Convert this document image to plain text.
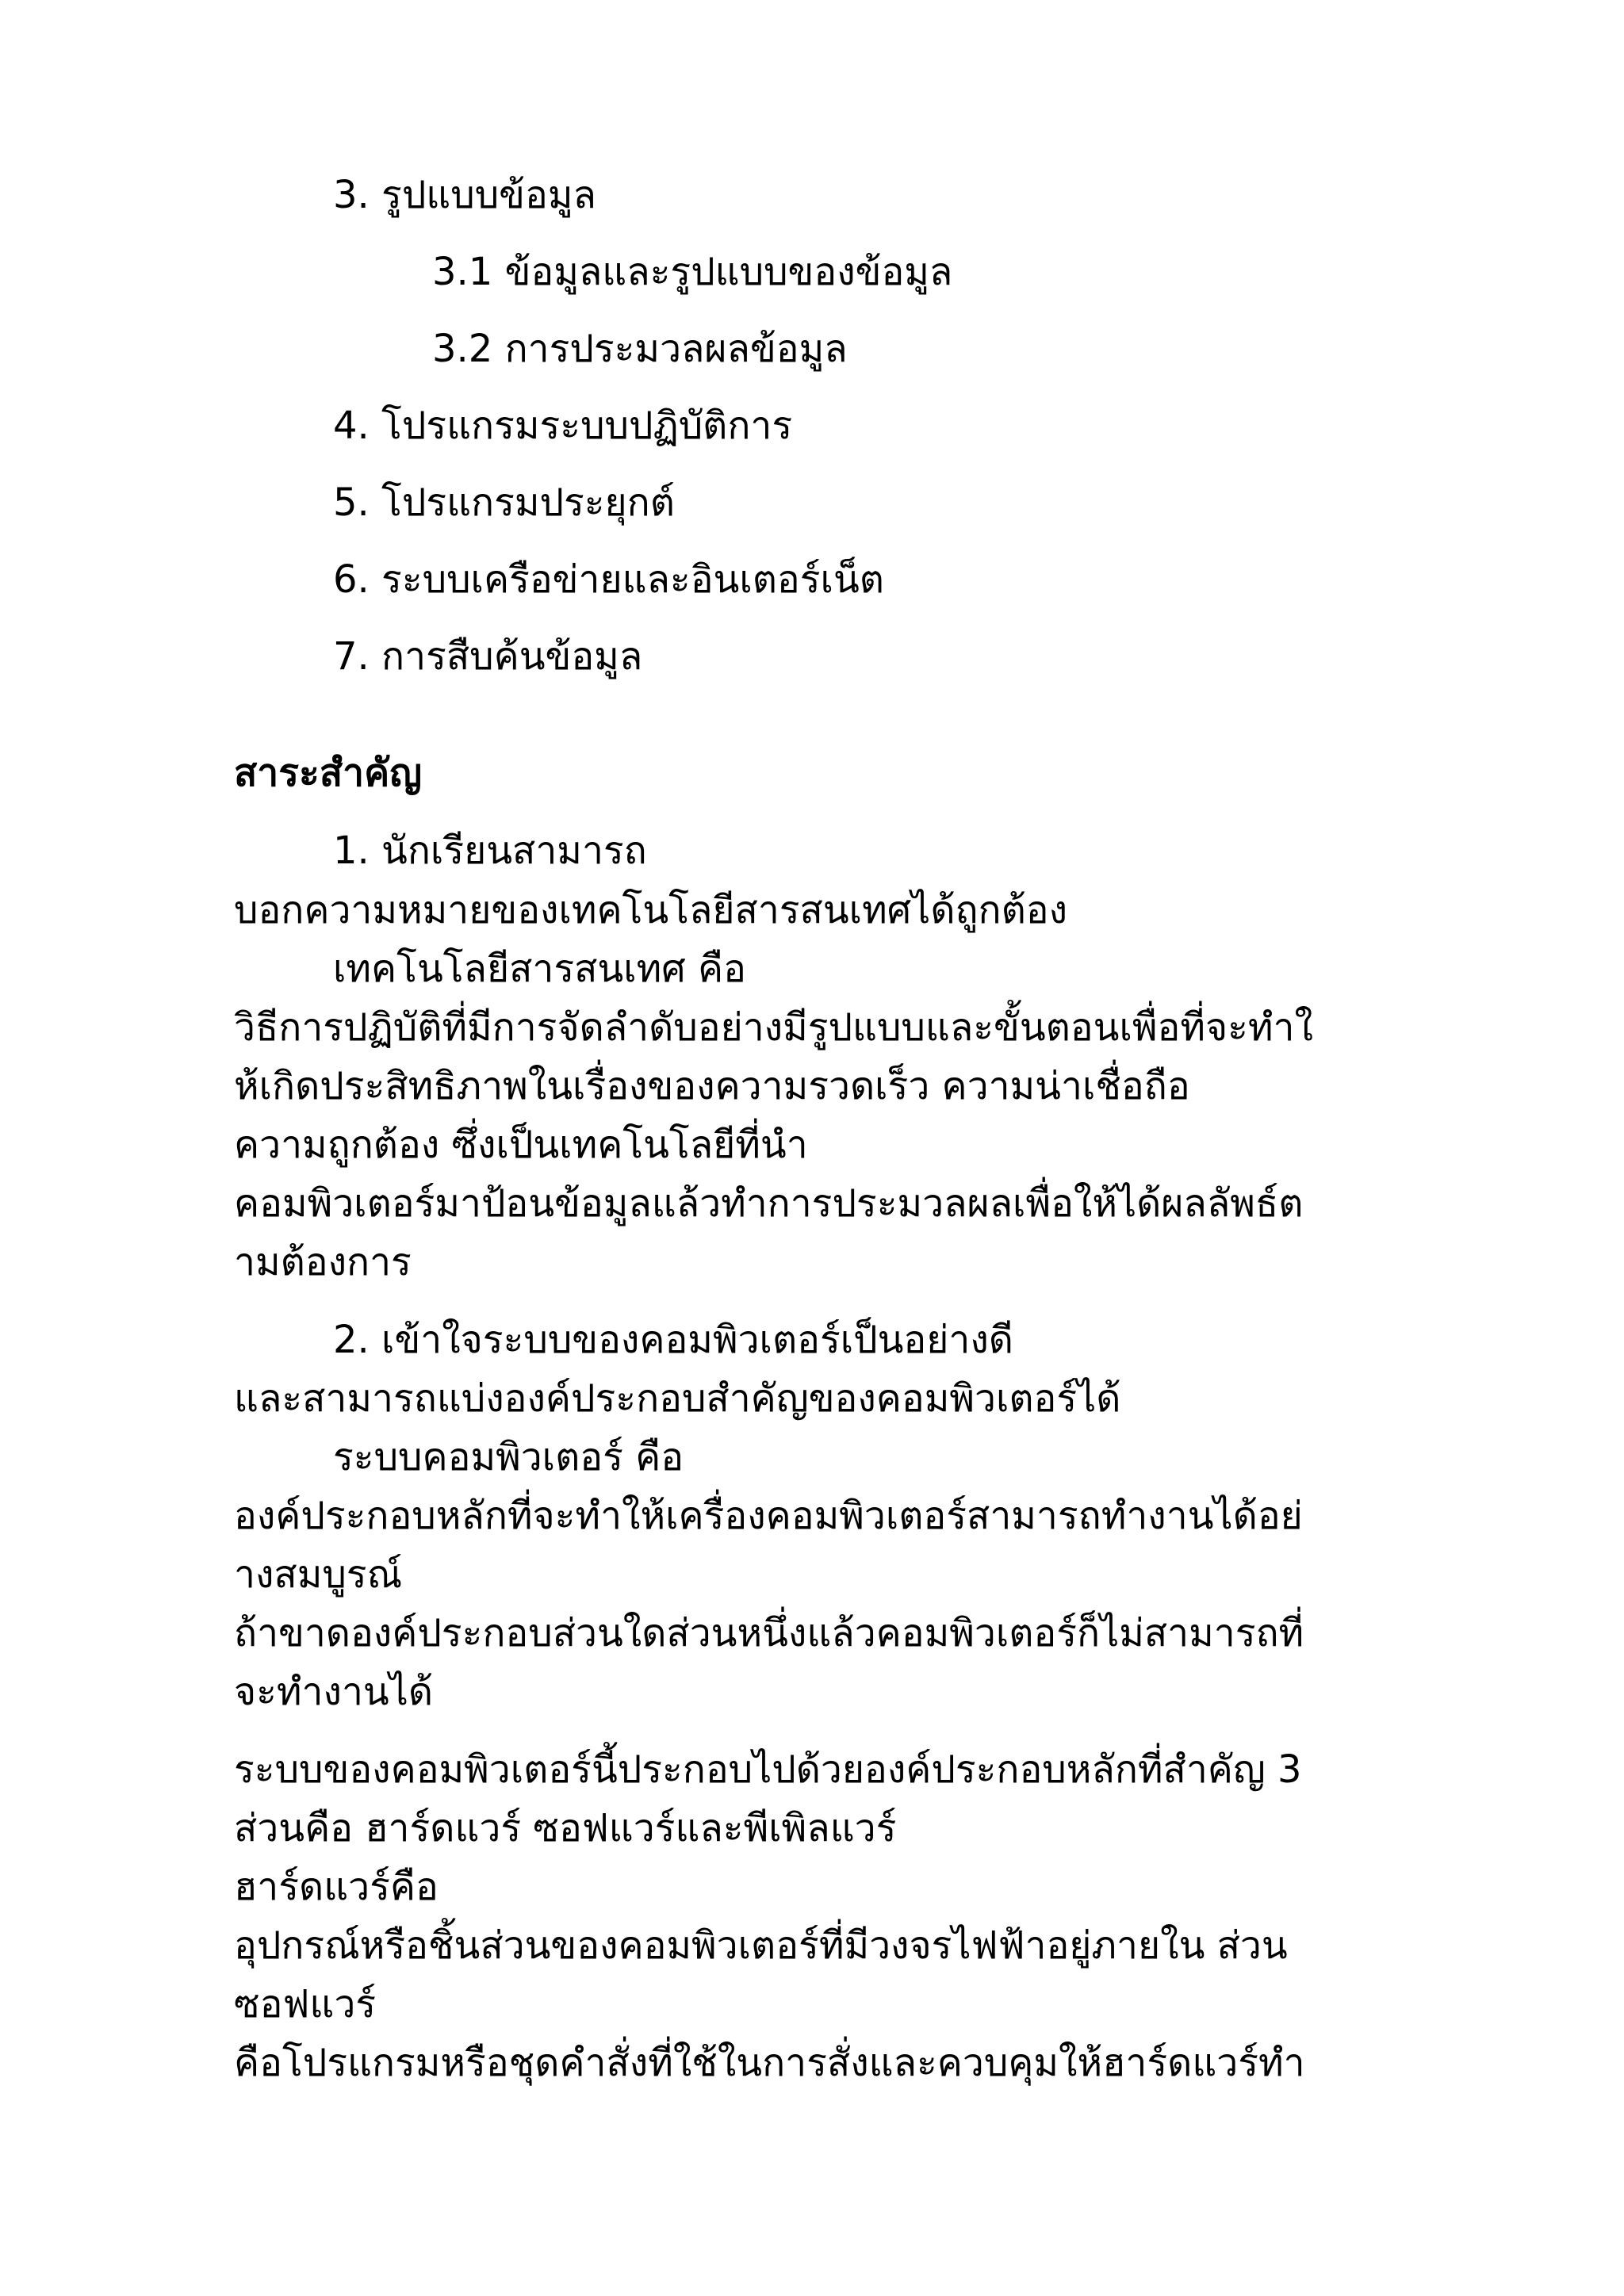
3. รูปแบบข้อมูล
3.1 ข้อมูลและรูปแบบของข้อมูล
3.2 การประมวลผลข้อมูล
4. โปรแกรมระบบปฏิบัติการ
5. โปรแกรมประยุกต์
6. ระบบเครือข่ายและอินเตอร์เน็ต
7. การสืบค้นข้อมูล
สาระสำคัญ
1. นักเรียนสามารถ
บอกความหมายของเทคโนโลยีสารสนเทศได้ถูกต้อง
เทคโนโลยีสารสนเทศ คือ
วิธีการปฏิบัติที่มีการจัดลำดับอย่างมีรูปแบบและขั้นตอนเพื่อที่จะทำใ
ห้เกิดประสิทธิภาพในเรื่องของความรวดเร็ว ความน่าเชื่อถือ
ความถูกต้อง ซึ่งเป็นเทคโนโลยีที่นำ
คอมพิวเตอร์มาป้อนข้อมูลแล้วทำการประมวลผลเพื่อให้ได้ผลลัพธ์ต
ามต้องการ
2. เข้าใจระบบของคอมพิวเตอร์เป็นอย่างดี
และสามารถแบ่งองค์ประกอบสำคัญของคอมพิวเตอร์ได้
ระบบคอมพิวเตอร์ คือ
องค์ประกอบหลักที่จะทำให้เครื่องคอมพิวเตอร์สามารถทำงานได้อย่
างสมบูรณ์
ถ้าขาดองค์ประกอบส่วนใดส่วนหนึ่งแล้วคอมพิวเตอร์ก็ไม่สามารถที่
จะทำงานได้
ระบบของคอมพิวเตอร์นี้ประกอบไปด้วยองค์ประกอบหลักที่สำคัญ 3
ส่วนคือ ฮาร์ดแวร์ ซอฟแวร์และพีเพิลแวร์
ฮาร์ดแวร์คือ
อุปกรณ์หรือชิ้นส่วนของคอมพิวเตอร์ที่มีวงจรไฟฟ้าอยู่ภายใน ส่วน
ซอฟแวร์
คือโปรแกรมหรือชุดคำสั่งที่ใช้ในการสั่งและควบคุมให้ฮาร์ดแวร์ทำ
